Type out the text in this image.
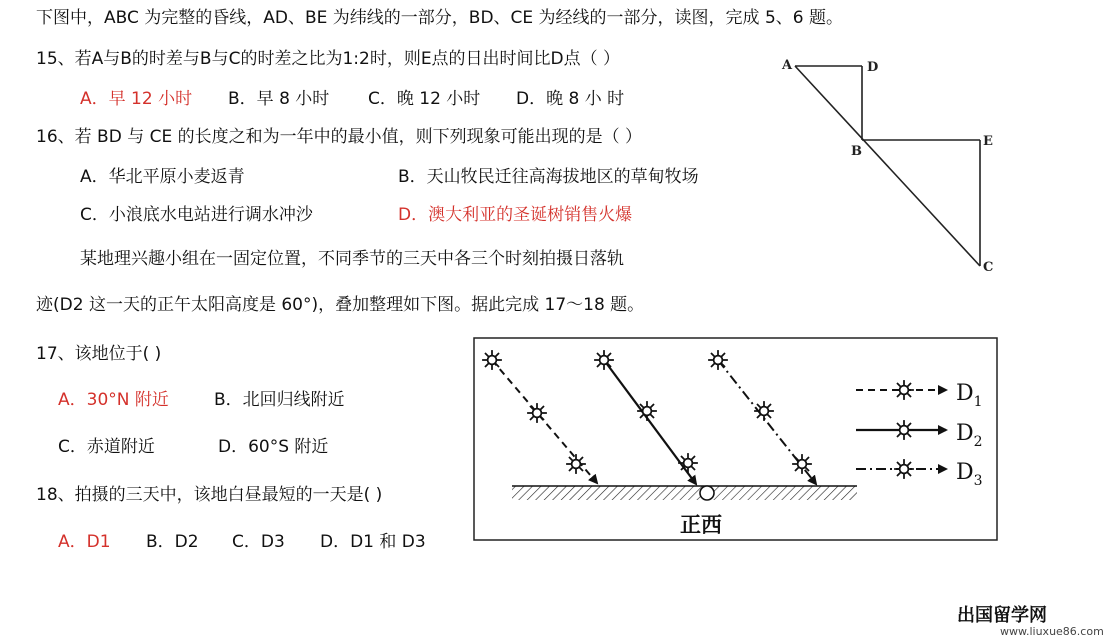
下图中，ABC 为完整的昏线，AD、BE 为纬线的一部分，BD、CE 为经线的一部分，读图，完成 5、6 题。
15、若A与B的时差与B与C的时差之比为1:2时，则E点的日出时间比D点（ ）
A．早 12 小时 B．早 8 小时 C．晚 12 小时 D．晚 8 小 时
16、若 BD 与 CE 的长度之和为一年中的最小值，则下列现象可能出现的是（ ）
A．华北平原小麦返青	B．天山牧民迁往高海拔地区的草甸牧场
C．小浪底水电站进行调水冲沙	D．澳大利亚的圣诞树销售火爆
某地理兴趣小组在一固定位置，不同季节的三天中各三个时刻拍摄日落轨
迹(D2 这一天的正午太阳高度是 60°)，叠加整理如下图。据此完成 17～18 题。
17、该地位于( )
A．30°N 附近	B．北回归线附近
C．赤道附近	D．60°S 附近
18、拍摄的三天中，该地白昼最短的一天是( )
A．D1 B．D2 C．D3 D．D1 和 D3
A	D
B
E
C
正西
$D_1$
$D_2$
$D_3$
出国留学网
www.liuxue86.com
